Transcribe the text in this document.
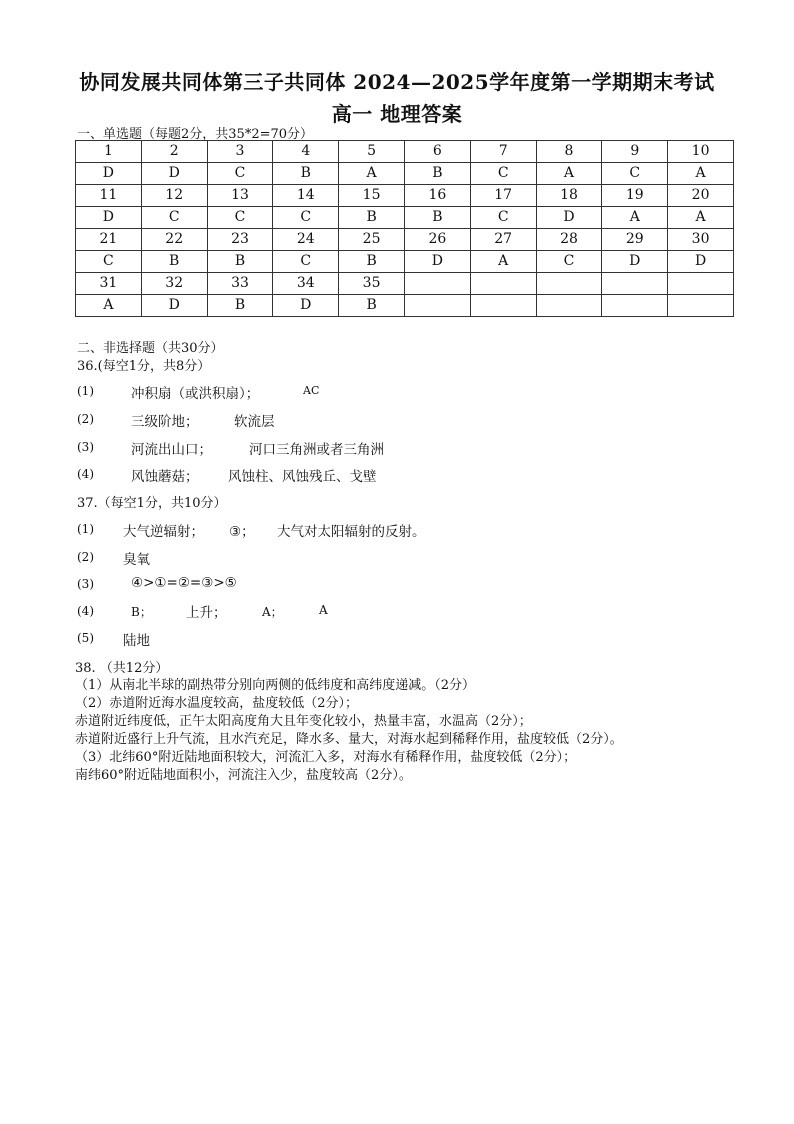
协同发展共同体第三子共同体 2024—2025学年度第一学期期末考试
高一 地理答案
一、单选题（每题2分，共35*2=70分）
1	2	3	4	5	6	7	8	9	10
D	D	C	B	A	B	C	A	C	A
11	12	13	14	15	16	17	18	19	20
D	C	C	C	B	B	C	D	A	A
21	22	23	24	25	26	27	28	29	30
C	B	B	C	B	D	A	C	D	D
31	32	33	34	35					
A	D	B	D	B					
二、非选择题（共30分）
36.(每空1分，共8分）
(1)	冲积扇（或洪积扇）；	AC
(2)	三级阶地；	软流层
(3)	河流出山口；	河口三角洲或者三角洲
(4)	风蚀蘑菇； 风蚀柱、风蚀残丘、戈壁
37.（每空1分，共10分）
(1) 大气逆辐射； ③； 大气对太阳辐射的反射。
(2) 臭氧
(3)	④>①=②=③>⑤
(4)	B；	上升；	A；	A
(5) 陆地
38. （共12分）
（1）从南北半球的副热带分别向两侧的低纬度和高纬度递减。（2分）
（2）赤道附近海水温度较高，盐度较低（2分）；
赤道附近纬度低，正午太阳高度角大且年变化较小，热量丰富，水温高（2分）；
赤道附近盛行上升气流，且水汽充足，降水多、量大，对海水起到稀释作用，盐度较低（2分）。
（3）北纬60°附近陆地面积较大，河流汇入多，对海水有稀释作用，盐度较低（2分）；
南纬60°附近陆地面积小，河流注入少，盐度较高（2分）。
